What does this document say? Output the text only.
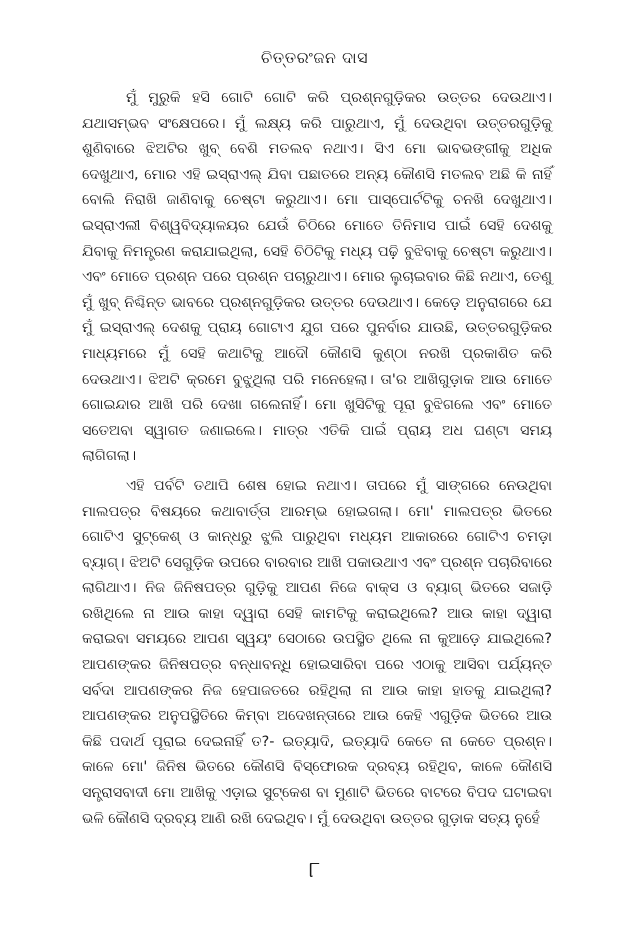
ଚିତ୍ତରଂଜନ ଦାସ

ମୁଁ ମୁରୁକି ହସି ଗୋଟି ଗୋଟି କରି ପ୍ରଶ୍ନଗୁଡ଼ିକର ଉତ୍ତର ଦେଉଥାଏ। ଯଥାସମ୍ଭବ ସଂକ୍ଷେପରେ। ମୁଁ ଲକ୍ଷ୍ୟ କରି ପାରୁଥାଏ, ମୁଁ ଦେଉଥିବା ଉତ୍ତରଗୁଡ଼ିକୁ ଶୁଣିବାରେ ଝିଅଟିର ଖୁବ୍ ବେଶି ମତଲବ ନଥାଏ। ସିଏ ମୋ ଭାବଭଙ୍ଗୀକୁ ଅଧିକ ଦେଖୁଥାଏ, ମୋର ଏହି ଇସ୍ରାଏଲ୍ ଯିବା ପଛାତରେ ଅନ୍ୟ କୌଣସି ମତଲବ ଅଛି କି ନାହିଁ ବୋଲି ନିରାଖି ଜାଣିବାକୁ ଚେଷ୍ଟା କରୁଥାଏ। ମୋ ପାସ୍‌ପୋର୍ଟଟିକୁ ଚନଖି ଦେଖୁଥାଏ। ଇସ୍ରାଏଲୀ ବିଶ୍ୱବିଦ୍ୟାଳୟର ଯେଉଁ ଚିଠିରେ ମୋତେ ତିନିମାସ ପାଇଁ ସେହି ଦେଶକୁ ଯିବାକୁ ନିମନ୍ତ୍ରଣ କରାଯାଇଥିଲା, ସେହି ଚିଠିଟିକୁ ମଧ୍ୟ ପଢ଼ି ବୁଝିବାକୁ ଚେଷ୍ଟା କରୁଥାଏ। ଏବଂ ମୋତେ ପ୍ରଶ୍ନ ପରେ ପ୍ରଶ୍ନ ପଚାରୁଥାଏ। ମୋର ଲୁଚାଇବାର କିଛି ନଥାଏ, ତେଣୁ ମୁଁ ଖୁବ୍ ନିଶ୍ଚିନ୍ତ ଭାବରେ ପ୍ରଶ୍ନଗୁଡ଼ିକର ଉତ୍ତର ଦେଉଥାଏ। କେଡ଼େ ଅନୁରାଗରେ ଯେ ମୁଁ ଇସ୍ରାଏଲ୍ ଦେଶକୁ ପ୍ରାୟ ଗୋଟାଏ ଯୁଗ ପରେ ପୁନର୍ବାର ଯାଉଛି, ଉତ୍ତରଗୁଡ଼ିକର ମାଧ୍ୟମରେ ମୁଁ ସେହି କଥାଟିକୁ ଆଦୌ କୌଣସି କୁଣ୍ଠା ନରଖି ପ୍ରକାଶିତ କରି ଦେଉଥାଏ। ଝିଅଟି କ୍ରମେ ବୁଝୁଥିଲା ପରି ମନେହେଲା। ତା'ର ଆଖିଗୁଡ଼ାକ ଆଉ ମୋତେ ଗୋଇନ୍ଦାର ଆଖି ପରି ଦେଖା ଗଲେନାହିଁ। ମୋ ଖୁସିଟିକୁ ପୂରା ବୁଝିଗଲେ ଏବଂ ମୋତେ ସତେଅବା ସ୍ୱାଗତ ଜଣାଇଲେ। ମାତ୍ର ଏତିକି ପାଇଁ ପ୍ରାୟ ଅଧ ଘଣ୍ଟା ସମୟ ଲାଗିଗଲା।

ଏହି ପର୍ବଟି ତଥାପି ଶେଷ ହୋଇ ନଥାଏ। ତାପରେ ମୁଁ ସାଙ୍ଗରେ ନେଉଥିବା ମାଲପତ୍ର ବିଷୟରେ କଥାବାର୍ତ୍ତା ଆରମ୍ଭ ହୋଇଗଲା। ମୋ' ମାଲପତ୍ର ଭିତରେ ଗୋଟିଏ ସୁଟ୍‌କେଶ୍ ଓ କାନ୍ଧରୁ ଝୁଲି ପାରୁଥିବା ମଧ୍ୟମ ଆକାରରେ ଗୋଟିଏ ଚମଡ଼ା ବ୍ୟାଗ୍। ଝିଅଟି ସେଗୁଡ଼ିକ ଉପରେ ବାରବାର ଆଖି ପକାଉଥାଏ ଏବଂ ପ୍ରଶ୍ନ ପଚାରିବାରେ ଲାଗିଥାଏ। ନିଜ ଜିନିଷପତ୍ର ଗୁଡ଼ିକୁ ଆପଣ ନିଜେ ବାକ୍ସ ଓ ବ୍ୟାଗ୍ ଭିତରେ ସଜାଡ଼ି ରଖିଥିଲେ ନା ଆଉ କାହା ଦ୍ୱାରା ସେହି କାମଟିକୁ କରାଇଥିଲେ? ଆଉ କାହା ଦ୍ୱାରା କରାଇବା ସମୟରେ ଆପଣ ସ୍ୱୟଂ ସେଠାରେ ଉପସ୍ଥିତ ଥିଲେ ନା କୁଆଡ଼େ ଯାଇଥିଲେ? ଆପଣଙ୍କର ଜିନିଷପତ୍ର ବନ୍ଧାବନ୍ଧି ହୋଇସାରିବା ପରେ ଏଠାକୁ ଆସିବା ପର୍ଯ୍ୟନ୍ତ ସର୍ବଦା ଆପଣଙ୍କର ନିଜ ହେପାଜତରେ ରହିଥିଲା ନା ଆଉ କାହା ହାତକୁ ଯାଇଥିଲା? ଆପଣଙ୍କର ଅନୁପସ୍ଥିତିରେ କିମ୍ବା ଅଦେଖନ୍ତାରେ ଆଉ କେହି ଏଗୁଡ଼ିକ ଭିତରେ ଆଉ କିଛି ପଦାର୍ଥ ପୂରାଇ ଦେଇନାହିଁ ତ?- ଇତ୍ୟାଦି, ଇତ୍ୟାଦି କେତେ ନା କେତେ ପ୍ରଶ୍ନ। କାଳେ ମୋ' ଜିନିଷ ଭିତରେ କୌଣସି ବିସ୍ଫୋରକ ଦ୍ରବ୍ୟ ରହିଥିବ, କାଳେ କୌଣସି ସନ୍ତ୍ରାସବାଦୀ ମୋ ଆଖିକୁ ଏଡ଼ାଇ ସୁଟ୍‌କେଶ ବା ମୁଣାଟି ଭିତରେ ବାଟରେ ବିପଦ ଘଟାଇବା ଭଳି କୌଣସି ଦ୍ରବ୍ୟ ଆଣି ରଖି ଦେଇଥିବ। ମୁଁ ଦେଉଥିବା ଉତ୍ତର ଗୁଡ଼ାକ ସତ୍ୟ ନୁହେଁ

୮
